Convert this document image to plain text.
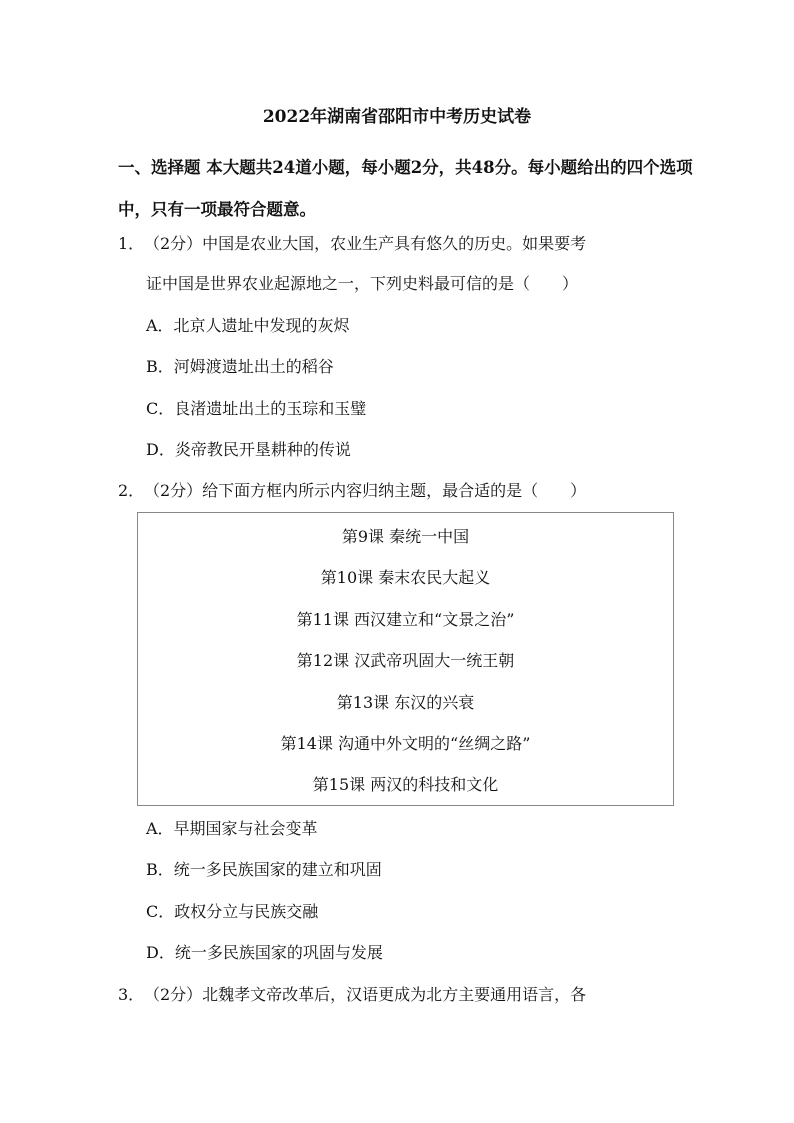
2022年湖南省邵阳市中考历史试卷
一、选择题 本大题共24道小题，每小题2分，共48分。每小题给出的四个选项中，只有一项最符合题意。
1． （2分）中国是农业大国，农业生产具有悠久的历史。如果要考
证中国是世界农业起源地之一，下列史料最可信的是（　　）
A．北京人遗址中发现的灰烬
B．河姆渡遗址出土的稻谷
C．良渚遗址出土的玉琮和玉璧
D．炎帝教民开垦耕种的传说
2． （2分）给下面方框内所示内容归纳主题，最合适的是（　　）
第9课 秦统一中国
第10课 秦末农民大起义
第11课 西汉建立和“文景之治”
第12课 汉武帝巩固大一统王朝
第13课 东汉的兴衰
第14课 沟通中外文明的“丝绸之路”
第15课 两汉的科技和文化
A．早期国家与社会变革
B．统一多民族国家的建立和巩固
C．政权分立与民族交融
D．统一多民族国家的巩固与发展
3． （2分）北魏孝文帝改革后，汉语更成为北方主要通用语言，各
